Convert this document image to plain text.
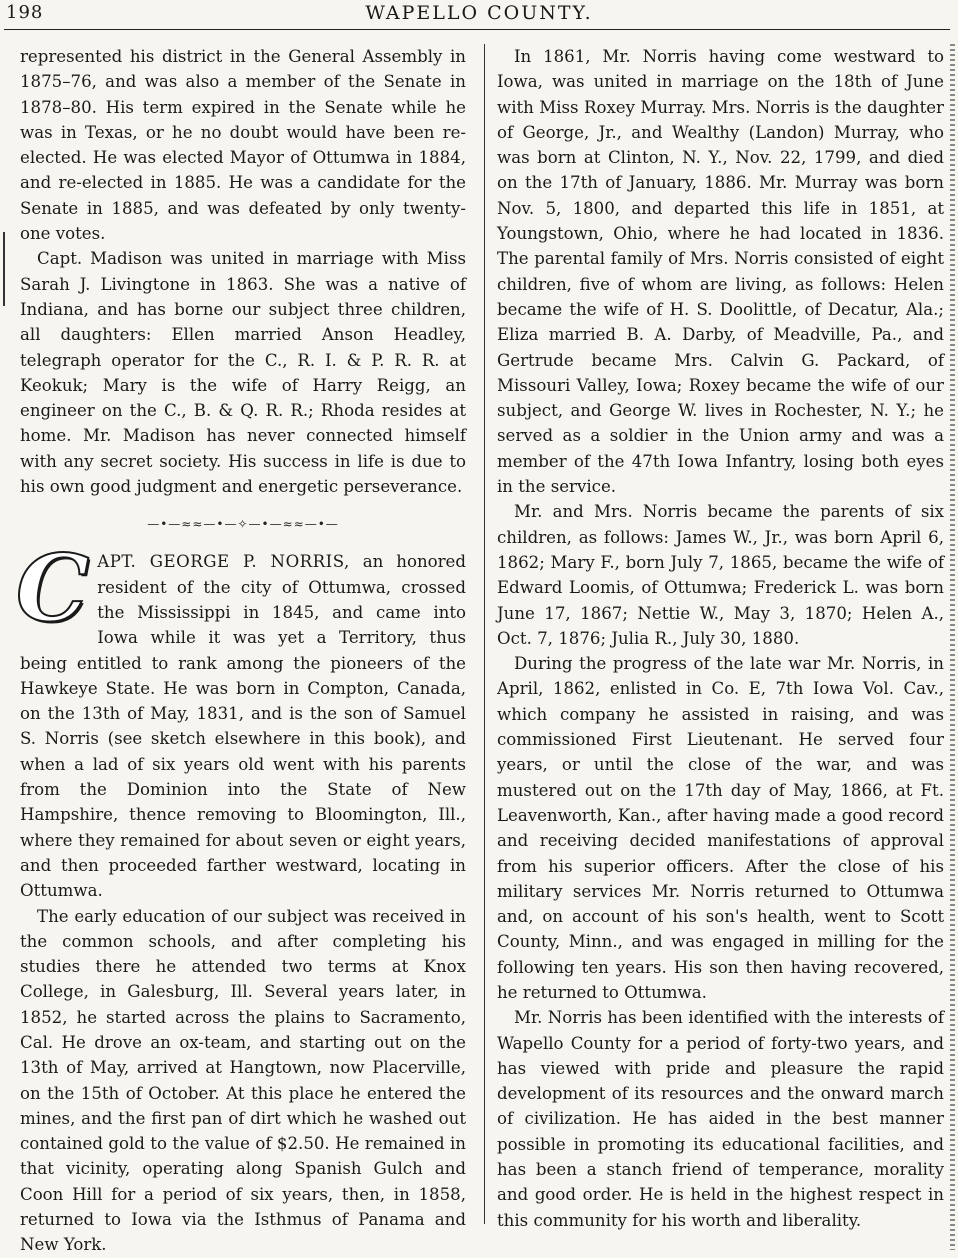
198	WAPELLO COUNTY.

represented his district in the General Assembly in 1875–76, and was also a member of the Senate in 1878–80. His term expired in the Senate while he was in Texas, or he no doubt would have been re-elected. He was elected Mayor of Ottumwa in 1884, and re-elected in 1885. He was a candidate for the Senate in 1885, and was defeated by only twenty-one votes.

Capt. Madison was united in marriage with Miss Sarah J. Livingtone in 1863. She was a native of Indiana, and has borne our subject three children, all daughters: Ellen married Anson Headley, telegraph operator for the C., R. I. & P. R. R. at Keokuk; Mary is the wife of Harry Reigg, an engineer on the C., B. & Q. R. R.; Rhoda resides at home. Mr. Madison has never connected himself with any secret society. His success in life is due to his own good judgment and energetic perseverance.

—•—≈≈—•—✧—•—≈≈—•—

CAPT. GEORGE P. NORRIS, an honored resident of the city of Ottumwa, crossed the Mississippi in 1845, and came into Iowa while it was yet a Territory, thus being entitled to rank among the pioneers of the Hawkeye State. He was born in Compton, Canada, on the 13th of May, 1831, and is the son of Samuel S. Norris (see sketch elsewhere in this book), and when a lad of six years old went with his parents from the Dominion into the State of New Hampshire, thence removing to Bloomington, Ill., where they remained for about seven or eight years, and then proceeded farther westward, locating in Ottumwa.

The early education of our subject was received in the common schools, and after completing his studies there he attended two terms at Knox College, in Galesburg, Ill. Several years later, in 1852, he started across the plains to Sacramento, Cal. He drove an ox-team, and starting out on the 13th of May, arrived at Hangtown, now Placerville, on the 15th of October. At this place he entered the mines, and the first pan of dirt which he washed out contained gold to the value of $2.50. He remained in that vicinity, operating along Spanish Gulch and Coon Hill for a period of six years, then, in 1858, returned to Iowa via the Isthmus of Panama and New York.

In 1861, Mr. Norris having come westward to Iowa, was united in marriage on the 18th of June with Miss Roxey Murray. Mrs. Norris is the daughter of George, Jr., and Wealthy (Landon) Murray, who was born at Clinton, N. Y., Nov. 22, 1799, and died on the 17th of January, 1886. Mr. Murray was born Nov. 5, 1800, and departed this life in 1851, at Youngstown, Ohio, where he had located in 1836. The parental family of Mrs. Norris consisted of eight children, five of whom are living, as follows: Helen became the wife of H. S. Doolittle, of Decatur, Ala.; Eliza married B. A. Darby, of Meadville, Pa., and Gertrude became Mrs. Calvin G. Packard, of Missouri Valley, Iowa; Roxey became the wife of our subject, and George W. lives in Rochester, N. Y.; he served as a soldier in the Union army and was a member of the 47th Iowa Infantry, losing both eyes in the service.

Mr. and Mrs. Norris became the parents of six children, as follows: James W., Jr., was born April 6, 1862; Mary F., born July 7, 1865, became the wife of Edward Loomis, of Ottumwa; Frederick L. was born June 17, 1867; Nettie W., May 3, 1870; Helen A., Oct. 7, 1876; Julia R., July 30, 1880.

During the progress of the late war Mr. Norris, in April, 1862, enlisted in Co. E, 7th Iowa Vol. Cav., which company he assisted in raising, and was commissioned First Lieutenant. He served four years, or until the close of the war, and was mustered out on the 17th day of May, 1866, at Ft. Leavenworth, Kan., after having made a good record and receiving decided manifestations of approval from his superior officers. After the close of his military services Mr. Norris returned to Ottumwa and, on account of his son's health, went to Scott County, Minn., and was engaged in milling for the following ten years. His son then having recovered, he returned to Ottumwa.

Mr. Norris has been identified with the interests of Wapello County for a period of forty-two years, and has viewed with pride and pleasure the rapid development of its resources and the onward march of civilization. He has aided in the best manner possible in promoting its educational facilities, and has been a stanch friend of temperance, morality and good order. He is held in the highest respect in this community for his worth and liberality.
